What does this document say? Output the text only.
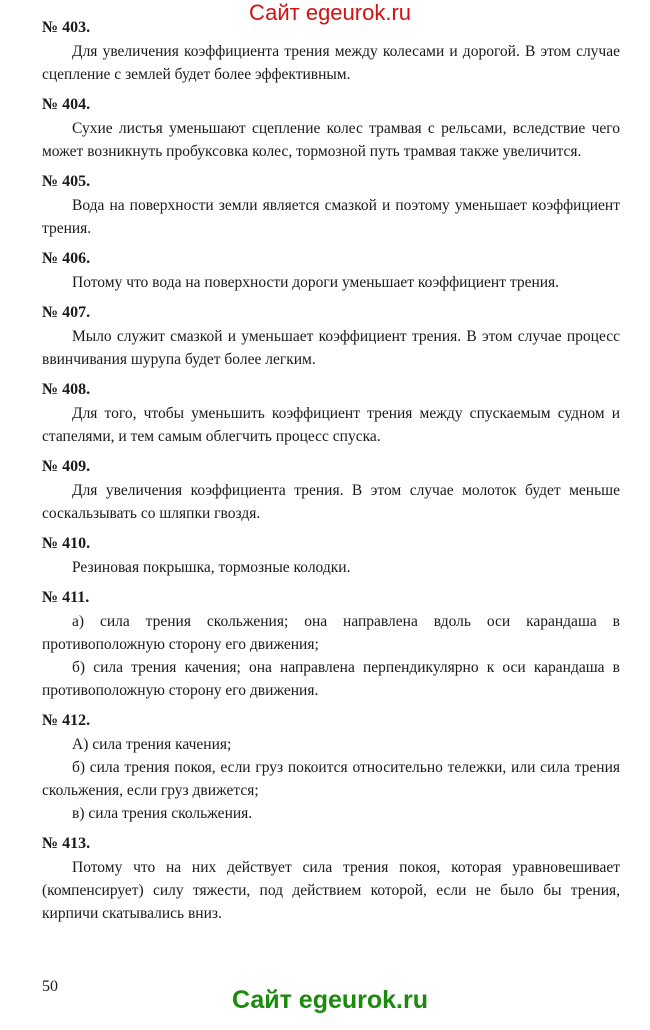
Сайт egeurok.ru
№ 403.

Для увеличения коэффициента трения между колесами и дорогой. В этом случае сцепление с землей будет более эффективным.

№ 404.

Сухие листья уменьшают сцепление колес трамвая с рельсами, вследствие чего может возникнуть пробуксовка колес, тормозной путь трамвая также увеличится.

№ 405.

Вода на поверхности земли является смазкой и поэтому уменьшает коэффициент трения.

№ 406.

Потому что вода на поверхности дороги уменьшает коэффициент трения.

№ 407.

Мыло служит смазкой и уменьшает коэффициент трения. В этом случае процесс ввинчивания шурупа будет более легким.

№ 408.

Для того, чтобы уменьшить коэффициент трения между спускаемым судном и стапелями, и тем самым облегчить процесс спуска.

№ 409.

Для увеличения коэффициента трения. В этом случае молоток будет меньше соскальзывать со шляпки гвоздя.

№ 410.

Резиновая покрышка, тормозные колодки.

№ 411.

а) сила трения скольжения; она направлена вдоль оси карандаша в противоположную сторону его движения;

б) сила трения качения; она направлена перпендикулярно к оси карандаша в противоположную сторону его движения.

№ 412.

А) сила трения качения;

б) сила трения покоя, если груз покоится относительно тележки, или сила трения скольжения, если груз движется;

в) сила трения скольжения.

№ 413.

Потому что на них действует сила трения покоя, которая уравновешивает (компенсирует) силу тяжести, под действием которой, если не было бы трения, кирпичи скатывались вниз.

50	Сайт egeurok.ru
